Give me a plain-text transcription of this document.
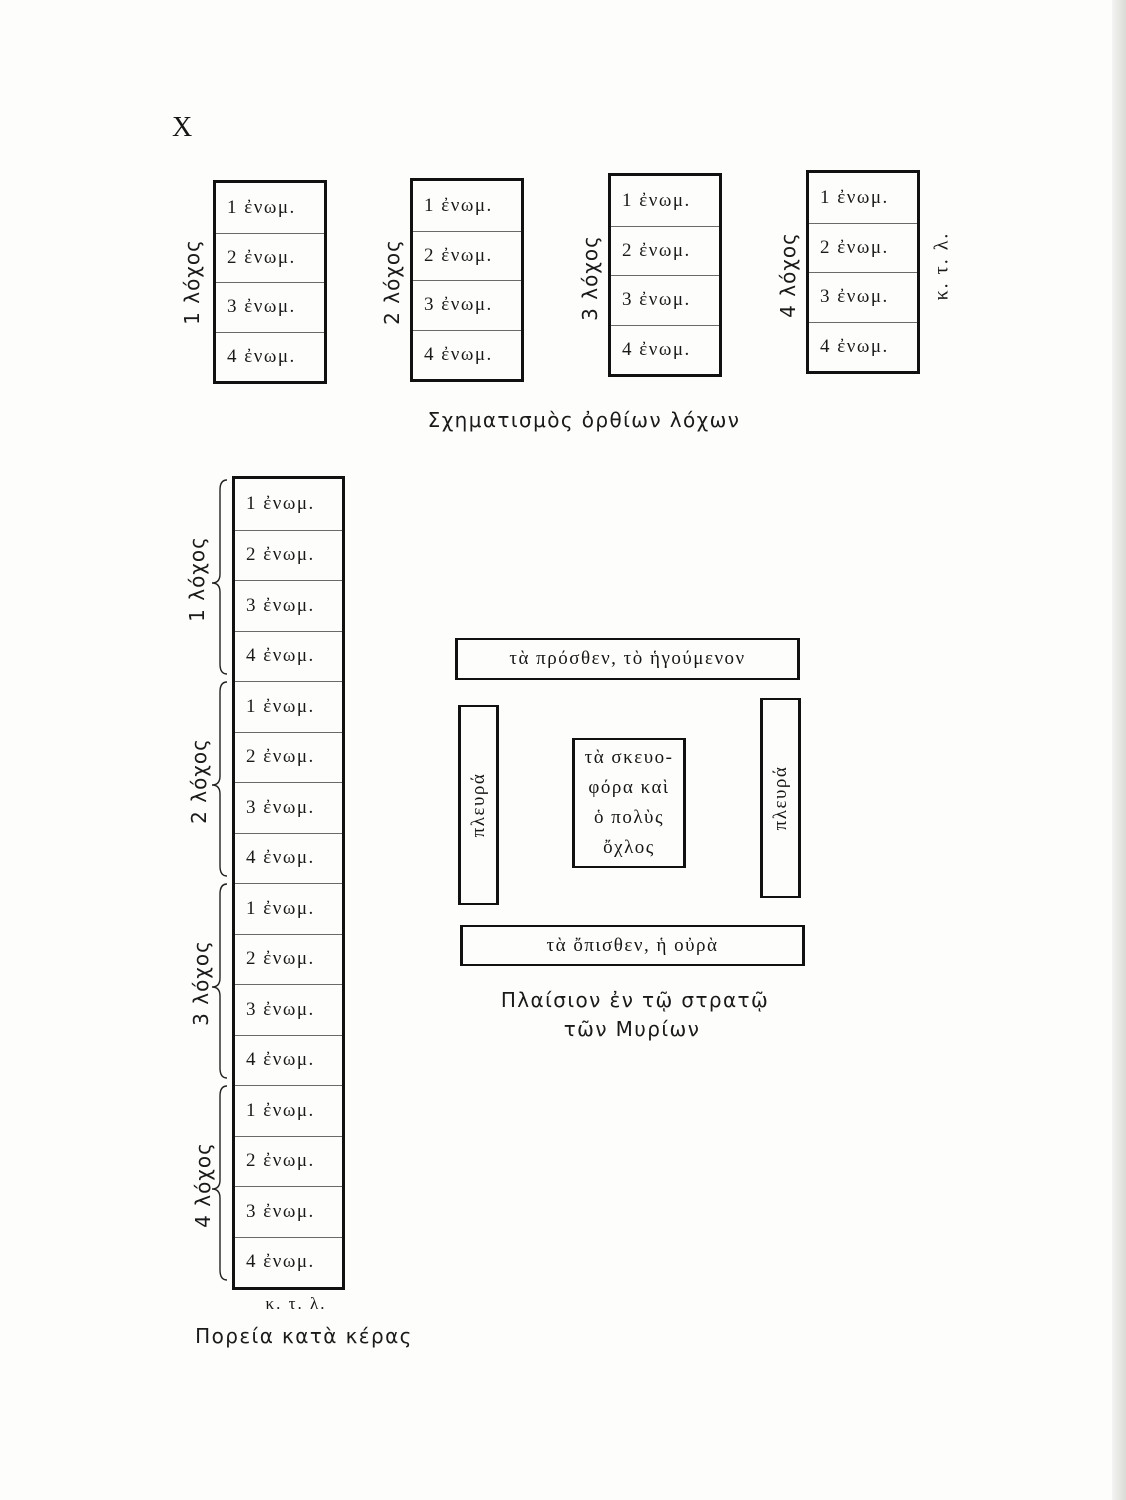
X
κ. τ. λ.
Σχηματισμὸς ὀρθίων λόχων
κ. τ. λ.
Πορεία κατὰ κέρας
τὰ πρόσθεν, τὸ ἡγούμενον
πλευρά
τὰ σκευο-
φόρα καὶ
ὁ πολὺς
ὄχλος
πλευρά
τὰ ὄπισθεν, ἡ οὐρὰ
Πλαίσιον ἐν τῷ στρατῷ
τῶν Μυρίων
1 ἐνωμ.
2 ἐνωμ.
3 ἐνωμ.
4 ἐνωμ.
1 λόχος
1 ἐνωμ.
2 ἐνωμ.
3 ἐνωμ.
4 ἐνωμ.
2 λόχος
1 ἐνωμ.
2 ἐνωμ.
3 ἐνωμ.
4 ἐνωμ.
3 λόχος
1 ἐνωμ.
2 ἐνωμ.
3 ἐνωμ.
4 ἐνωμ.
4 λόχος
1 ἐνωμ.
2 ἐνωμ.
3 ἐνωμ.
4 ἐνωμ.
1 ἐνωμ.
2 ἐνωμ.
3 ἐνωμ.
4 ἐνωμ.
1 ἐνωμ.
2 ἐνωμ.
3 ἐνωμ.
4 ἐνωμ.
1 ἐνωμ.
2 ἐνωμ.
3 ἐνωμ.
4 ἐνωμ.
1 λόχος
2 λόχος
3 λόχος
4 λόχος
